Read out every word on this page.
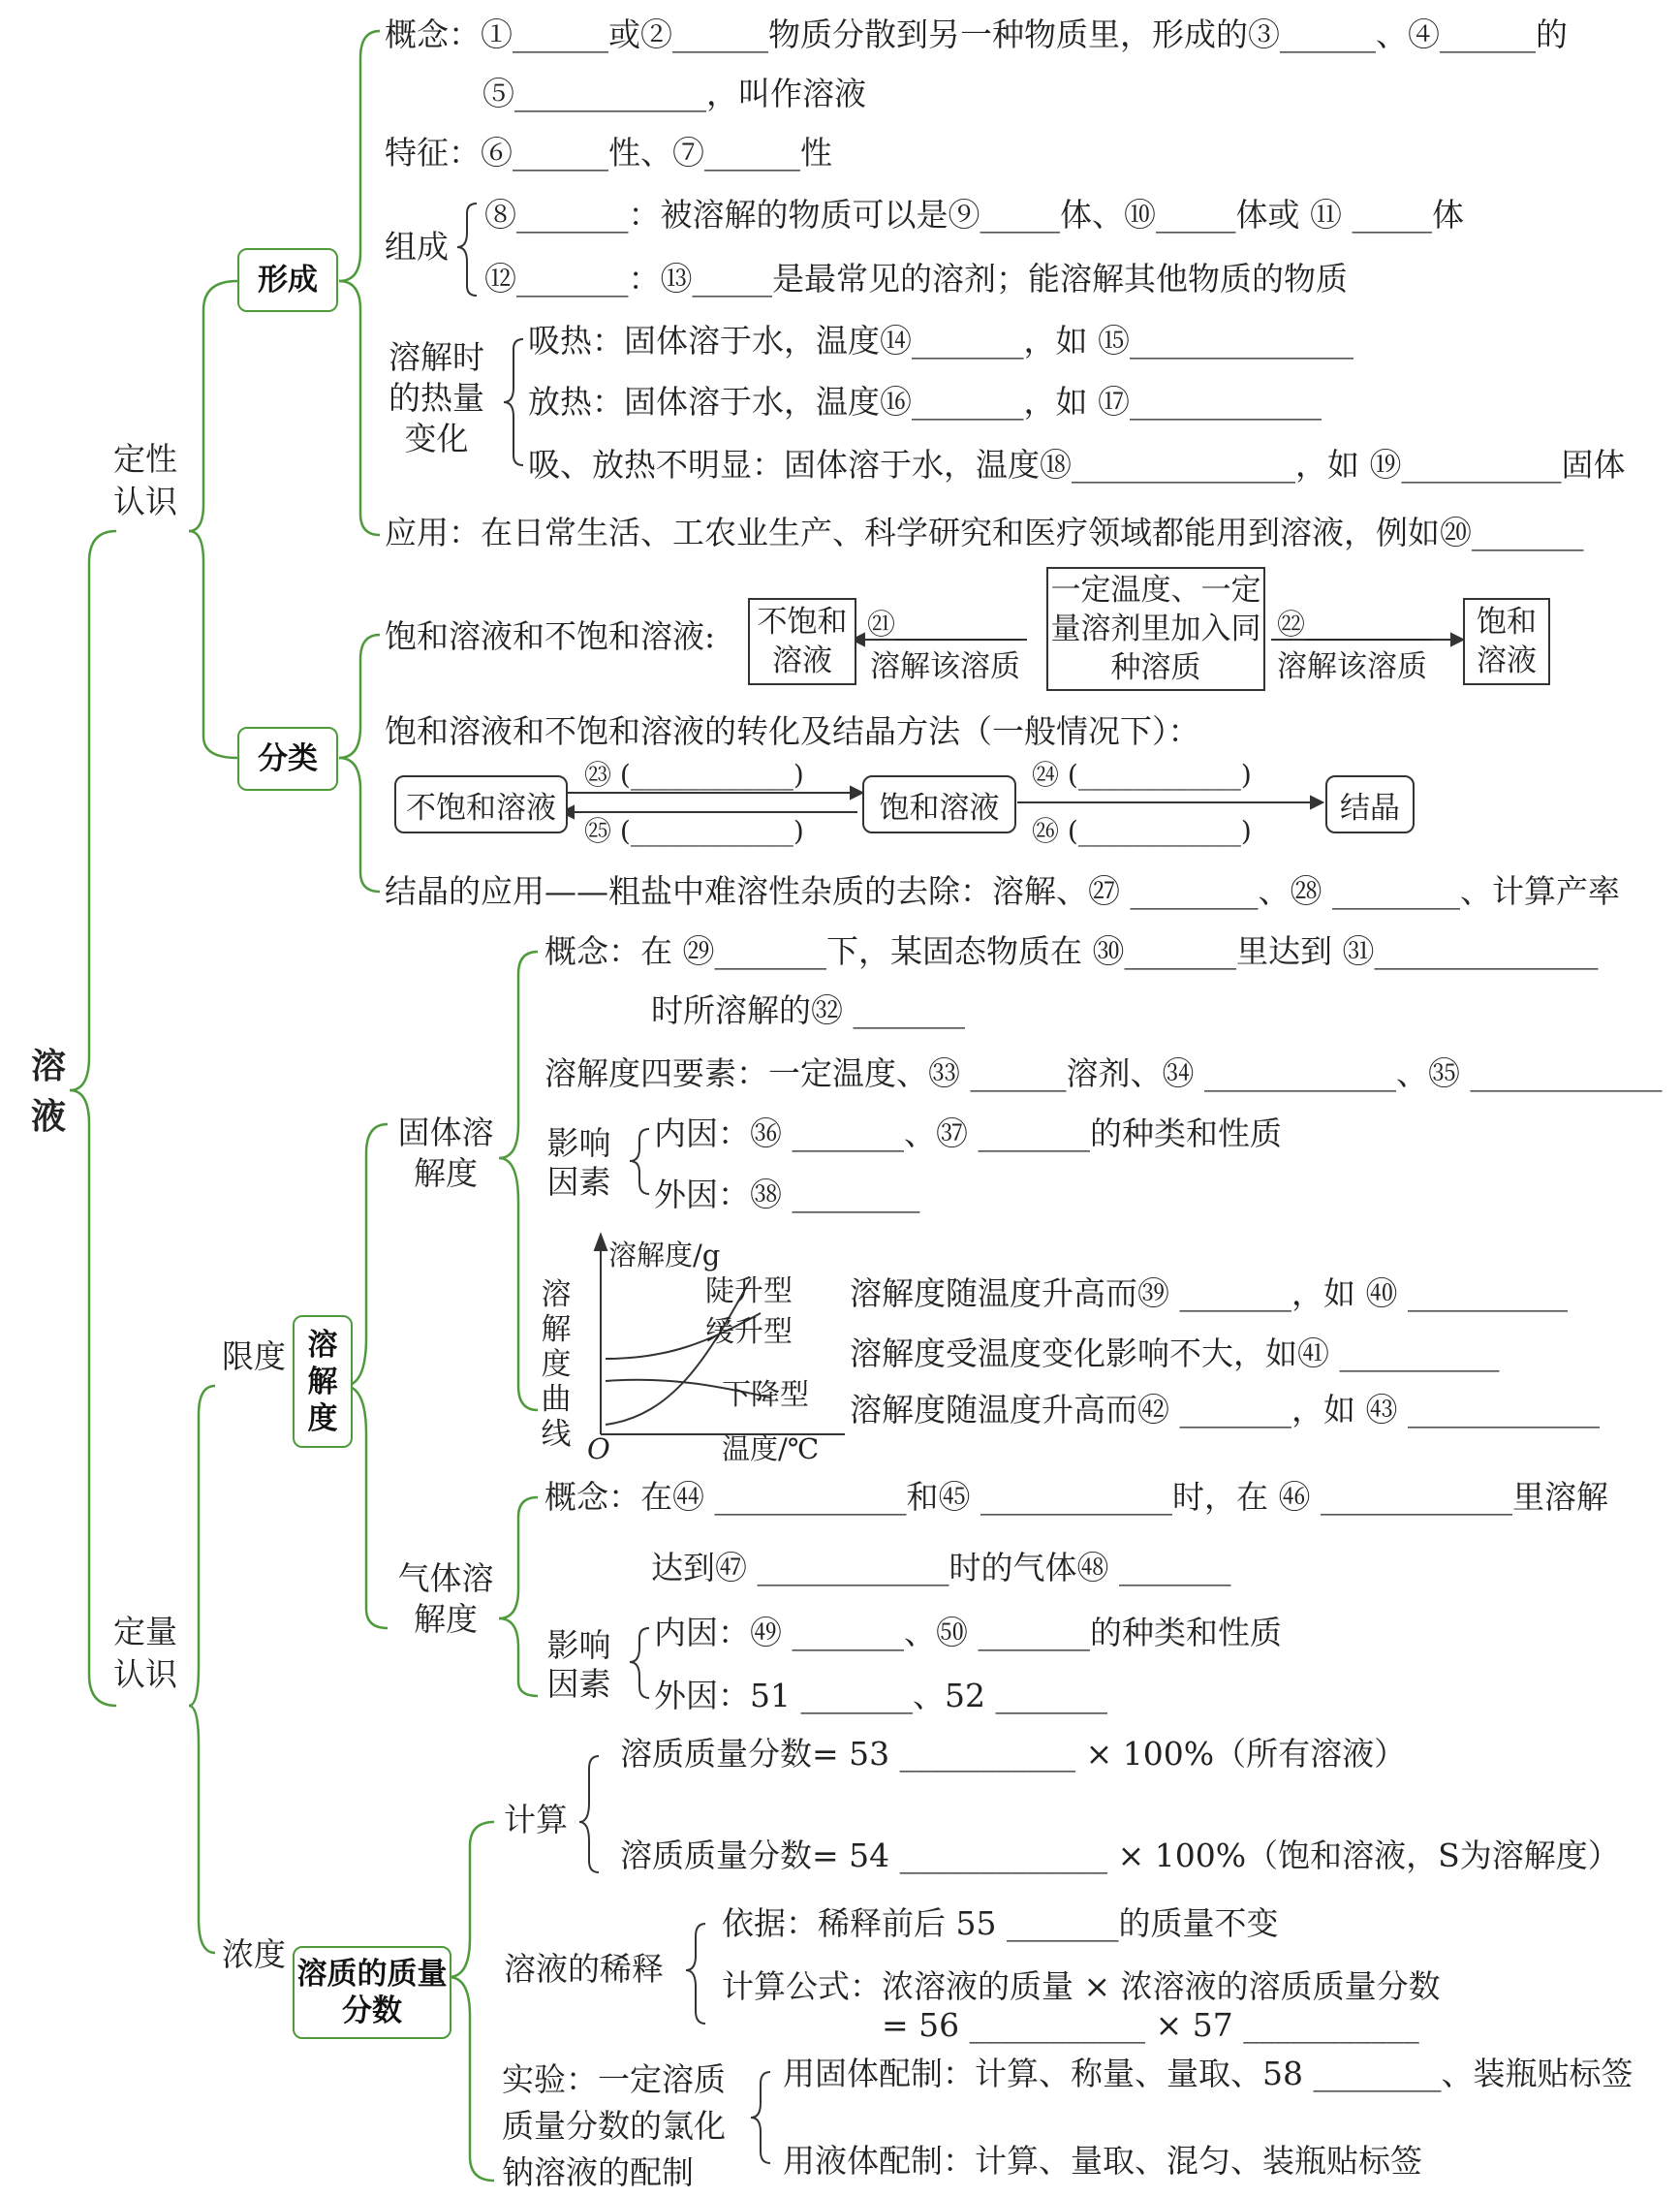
溶液
定性认识
定量认识
形成
分类
限度 溶解度
浓度
溶质的质量分数
概念：①______或②______物质分散到另一种物质里，形成的③______、④______的
⑤____________，叫作溶液
特征：⑥______性、⑦______性
组成
⑧_______：被溶解的物质可以是⑨_____体、⑩_____体或 ⑪ _____体
⑫_______：⑬_____是最常见的溶剂；能溶解其他物质的物质
溶解时的热量变化
吸热：固体溶于水，温度⑭_______，如 ⑮______________
放热：固体溶于水，温度⑯_______，如 ⑰____________
吸、放热不明显：固体溶于水，温度⑱______________，如 ⑲__________固体
应用：在日常生活、工农业生产、科学研究和医疗领域都能用到溶液，例如⑳_______
饱和溶液和不饱和溶液:	不饱和溶液
㉑_________
溶解该溶质
一定温度、一定量溶剂里加入同种溶质
㉒_________
溶解该溶质
饱和溶液
饱和溶液和不饱和溶液的转化及结晶方法（一般情况下）：
不饱和溶液	饱和溶液	结晶
㉓ (____________)
㉕ (____________)
㉔ (____________)
㉖ (____________)
结晶的应用——粗盐中难溶性杂质的去除：溶解、㉗ ________、㉘ ________、计算产率
固体溶解度
概念：在 ㉙_______下，某固态物质在 ㉚_______里达到 ㉛______________
时所溶解的㉜ _______
溶解度四要素：一定温度、㉝ ______溶剂、㉞ ____________、㉟ ____________
影响因素
内因：㊱ _______、㊲ _______的种类和性质
外因：㊳ ________
溶解度曲线
溶解度/g
温度/℃
O
陡升型
缓升型
下降型
溶解度随温度升高而㊴ _______，如 ㊵ __________
溶解度受温度变化影响不大，如㊶ __________
溶解度随温度升高而㊷ _______，如 ㊸ ____________
气体溶解度
概念：在㊹ ____________和㊺ ____________时，在 ㊻ ____________里溶解
达到㊼ ____________时的气体㊽ _______
影响因素
内因：㊾ _______、㊿ _______的种类和性质
外因：51 _______、52 _______
计算
溶质质量分数= 53 ___________ × 100%（所有溶液）
溶质质量分数= 54 _____________ × 100%（饱和溶液，S为溶解度）
溶液的稀释
依据：稀释前后 55 _______的质量不变
计算公式：浓溶液的质量 × 浓溶液的溶质质量分数
= 56 ___________ × 57 ___________
实验：一定溶质质量分数的氯化钠溶液的配制
用固体配制：计算、称量、量取、58 ________、装瓶贴标签
用液体配制：计算、量取、混匀、装瓶贴标签
